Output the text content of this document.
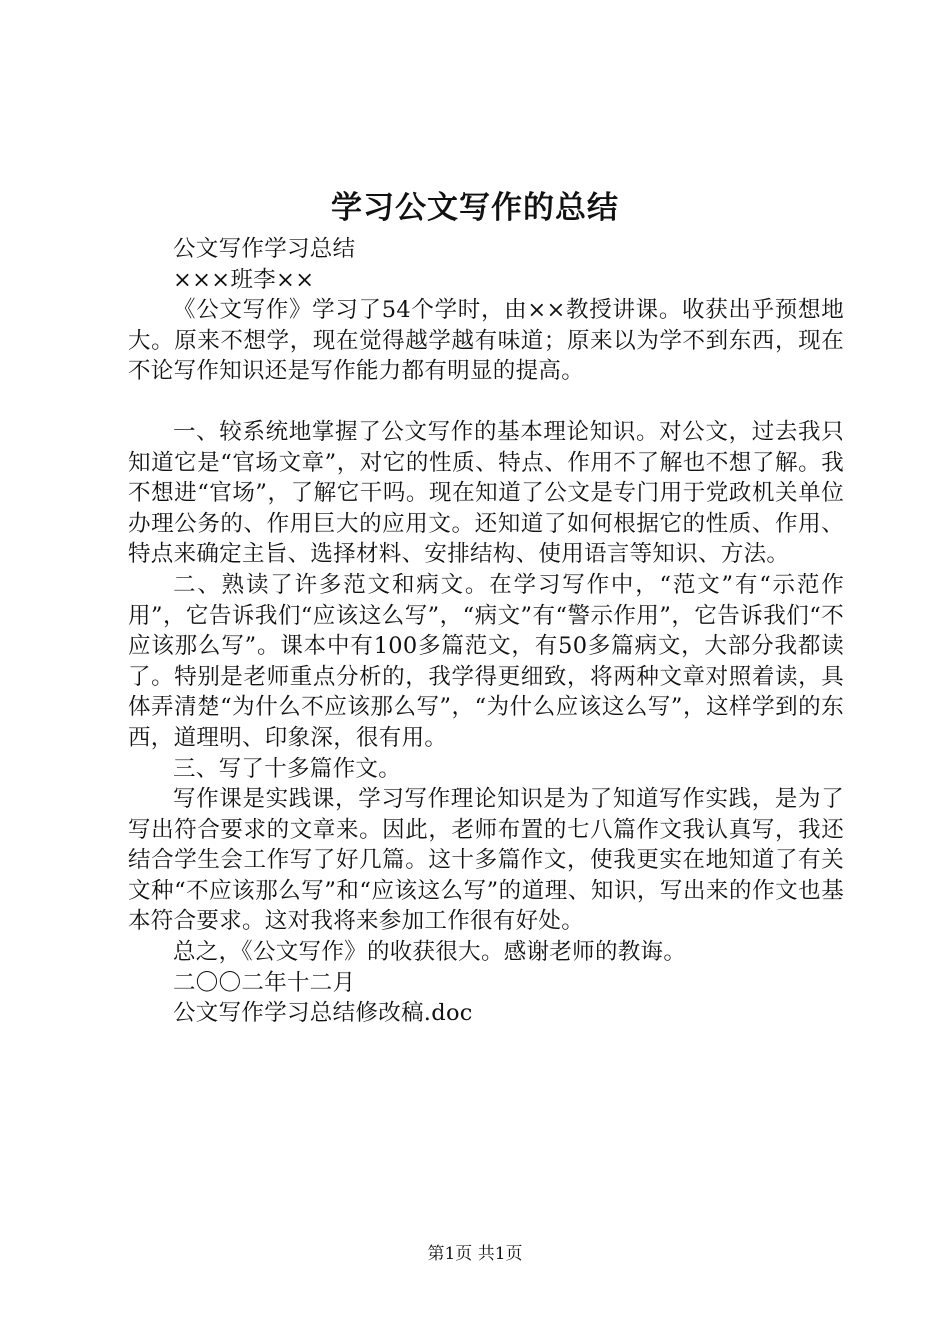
学习公文写作的总结

公文写作学习总结

×××班李××

《公文写作》学习了54个学时，由××教授讲课。收获出乎预想地大。原来不想学，现在觉得越学越有味道；原来以为学不到东西，现在不论写作知识还是写作能力都有明显的提高。

一、较系统地掌握了公文写作的基本理论知识。对公文，过去我只知道它是“官场文章”，对它的性质、特点、作用不了解也不想了解。我不想进“官场”，了解它干吗。现在知道了公文是专门用于党政机关单位办理公务的、作用巨大的应用文。还知道了如何根据它的性质、作用、特点来确定主旨、选择材料、安排结构、使用语言等知识、方法。

二、熟读了许多范文和病文。在学习写作中，“范文”有“示范作用”，它告诉我们“应该这么写”，“病文”有“警示作用”，它告诉我们“不应该那么写”。课本中有100多篇范文，有50多篇病文，大部分我都读了。特别是老师重点分析的，我学得更细致，将两种文章对照着读，具体弄清楚“为什么不应该那么写”，“为什么应该这么写”，这样学到的东西，道理明、印象深，很有用。

三、写了十多篇作文。

写作课是实践课，学习写作理论知识是为了知道写作实践，是为了写出符合要求的文章来。因此，老师布置的七八篇作文我认真写，我还结合学生会工作写了好几篇。这十多篇作文，使我更实在地知道了有关文种“不应该那么写”和“应该这么写”的道理、知识，写出来的作文也基本符合要求。这对我将来参加工作很有好处。

总之，《公文写作》的收获很大。感谢老师的教诲。

二〇〇二年十二月

公文写作学习总结修改稿.doc

第1页 共1页
